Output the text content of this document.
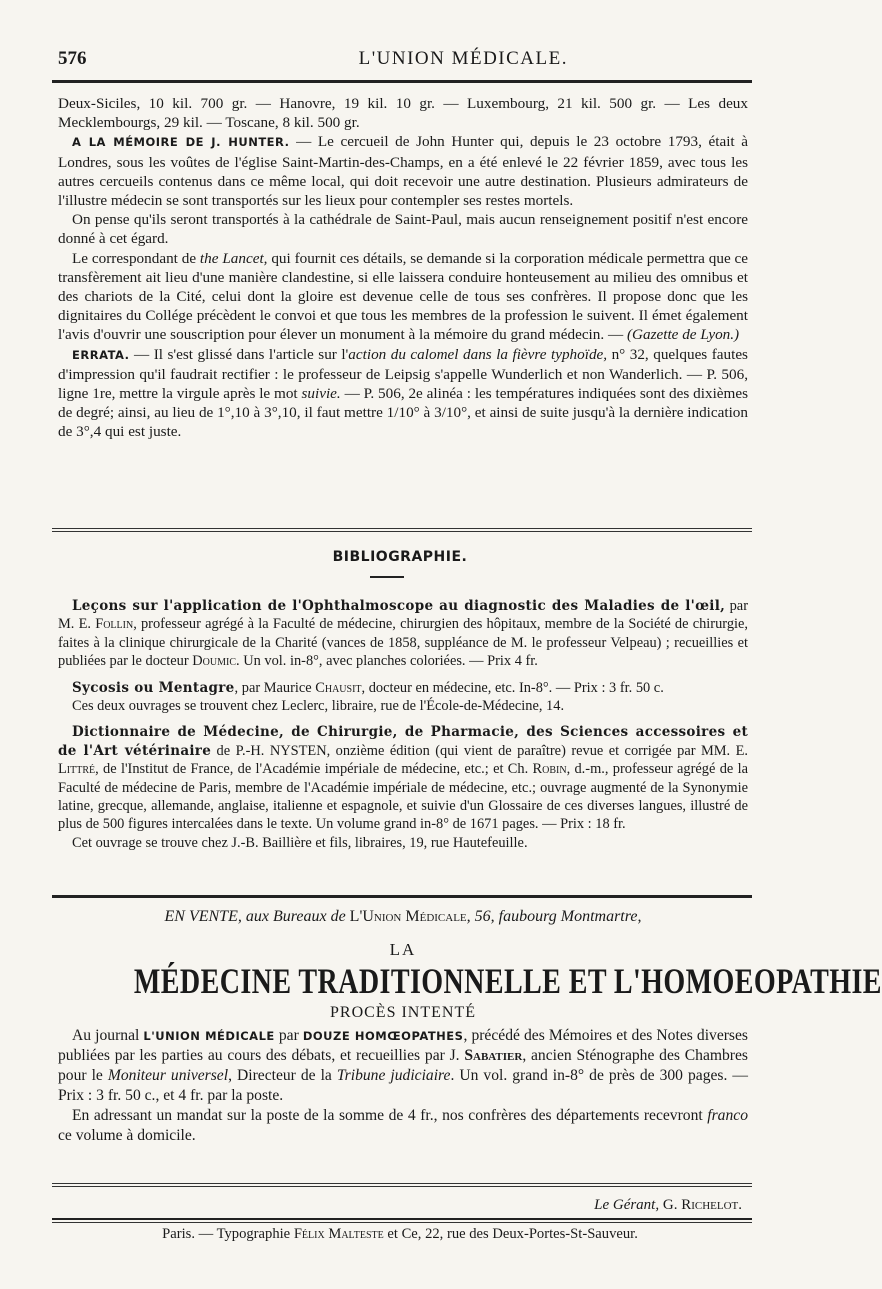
576	L'UNION MÉDICALE.

Deux-Siciles, 10 kil. 700 gr. — Hanovre, 19 kil. 10 gr. — Luxembourg, 21 kil. 500 gr. — Les deux Mecklembourgs, 29 kil. — Toscane, 8 kil. 500 gr.

A LA MÉMOIRE DE J. HUNTER. — Le cercueil de John Hunter qui, depuis le 23 octobre 1793, était à Londres, sous les voûtes de l'église Saint-Martin-des-Champs, en a été enlevé le 22 février 1859, avec tous les autres cercueils contenus dans ce même local, qui doit recevoir une autre destination. Plusieurs admirateurs de l'illustre médecin se sont transportés sur les lieux pour contempler ses restes mortels.

On pense qu'ils seront transportés à la cathédrale de Saint-Paul, mais aucun renseignement positif n'est encore donné à cet égard.

Le correspondant de the Lancet, qui fournit ces détails, se demande si la corporation médicale permettra que ce transfèrement ait lieu d'une manière clandestine, si elle laissera conduire honteusement au milieu des omnibus et des chariots de la Cité, celui dont la gloire est devenue celle de tous ses confrères. Il propose donc que les dignitaires du Collége précèdent le convoi et que tous les membres de la profession le suivent. Il émet également l'avis d'ouvrir une souscription pour élever un monument à la mémoire du grand médecin. — (Gazette de Lyon.)

ERRATA. — Il s'est glissé dans l'article sur l'action du calomel dans la fièvre typhoïde, n° 32, quelques fautes d'impression qu'il faudrait rectifier : le professeur de Leipsig s'appelle Wunderlich et non Wanderlich. — P. 506, ligne 1re, mettre la virgule après le mot suivie. — P. 506, 2e alinéa : les températures indiquées sont des dixièmes de degré; ainsi, au lieu de 1°,10 à 3°,10, il faut mettre 1/10° à 3/10°, et ainsi de suite jusqu'à la dernière indication de 3°,4 qui est juste.

BIBLIOGRAPHIE.

Leçons sur l'application de l'Ophthalmoscope au diagnostic des Maladies de l'œil, par M. E. Follin, professeur agrégé à la Faculté de médecine, chirurgien des hôpitaux, membre de la Société de chirurgie, faites à la clinique chirurgicale de la Charité (vances de 1858, suppléance de M. le professeur Velpeau) ; recueillies et publiées par le docteur Doumic. Un vol. in-8°, avec planches coloriées. — Prix 4 fr.

Sycosis ou Mentagre, par Maurice Chausit, docteur en médecine, etc. In-8°. — Prix : 3 fr. 50 c.

Ces deux ouvrages se trouvent chez Leclerc, libraire, rue de l'École-de-Médecine, 14.

Dictionnaire de Médecine, de Chirurgie, de Pharmacie, des Sciences accessoires et de l'Art vétérinaire de P.-H. NYSTEN, onzième édition (qui vient de paraître) revue et corrigée par MM. E. Littré, de l'Institut de France, de l'Académie impériale de médecine, etc.; et Ch. Robin, d.-m., professeur agrégé de la Faculté de médecine de Paris, membre de l'Académie impériale de médecine, etc.; ouvrage augmenté de la Synonymie latine, grecque, allemande, anglaise, italienne et espagnole, et suivie d'un Glossaire de ces diverses langues, illustré de plus de 500 figures intercalées dans le texte. Un volume grand in-8° de 1671 pages. — Prix : 18 fr.

Cet ouvrage se trouve chez J.-B. Baillière et fils, libraires, 19, rue Hautefeuille.

EN VENTE, aux Bureaux de L'Union Médicale, 56, faubourg Montmartre,
LA
MÉDECINE TRADITIONNELLE ET L'HOMOEOPATHIE
PROCÈS INTENTÉ

Au journal L'UNION MÉDICALE par DOUZE HOMŒOPATHES, précédé des Mémoires et des Notes diverses publiées par les parties au cours des débats, et recueillies par J. Sabatier, ancien Sténographe des Chambres pour le Moniteur universel, Directeur de la Tribune judiciaire. Un vol. grand in-8° de près de 300 pages. — Prix : 3 fr. 50 c., et 4 fr. par la poste.

En adressant un mandat sur la poste de la somme de 4 fr., nos confrères des départements recevront franco ce volume à domicile.

Le Gérant, G. Richelot.
Paris. — Typographie Félix Malteste et Ce, 22, rue des Deux-Portes-St-Sauveur.
